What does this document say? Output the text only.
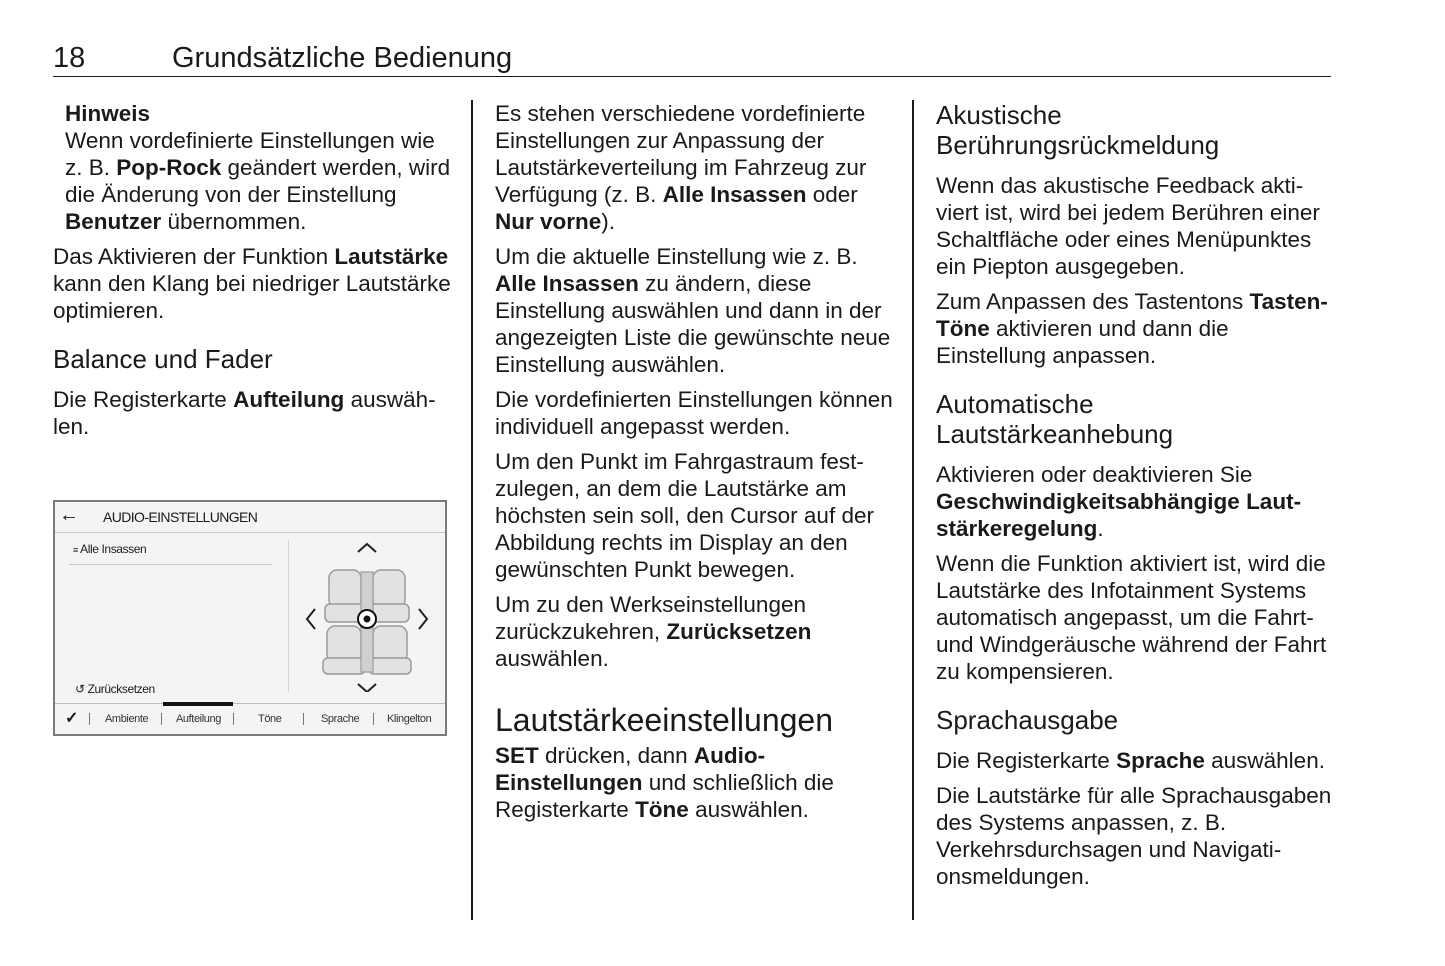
18	Grundsätzliche Bedienung
Hinweis
Wenn vordefinierte Einstellungen wie z. B. Pop-Rock geändert werden, wird die Änderung von der Einstellung Benutzer übernommen.

Das Aktivieren der Funktion Lautstärke kann den Klang bei niedriger Lautstärke optimieren.

Balance und Fader

Die Registerkarte Aufteilung auswählen.

← AUDIO-EINSTELLUNGEN
≡ Alle Insassen
↺ Zurücksetzen
✓ Ambiente	Aufteilung	Töne	Sprache	Klingelton

Es stehen verschiedene vordefinierte Einstellungen zur Anpassung der Lautstärkeverteilung im Fahrzeug zur Verfügung (z. B. Alle Insassen oder Nur vorne).

Um die aktuelle Einstellung wie z. B. Alle Insassen zu ändern, diese Einstellung auswählen und dann in der angezeigten Liste die gewünschte neue Einstellung auswählen.

Die vordefinierten Einstellungen können individuell angepasst werden.

Um den Punkt im Fahrgastraum festzulegen, an dem die Lautstärke am höchsten sein soll, den Cursor auf der Abbildung rechts im Display an den gewünschten Punkt bewegen.

Um zu den Werkseinstellungen zurückzukehren, Zurücksetzen auswählen.

Lautstärkeeinstellungen

SET drücken, dann Audio-Einstellungen und schließlich die Registerkarte Töne auswählen.

Akustische Berührungsrückmeldung

Wenn das akustische Feedback aktiviert ist, wird bei jedem Berühren einer Schaltfläche oder eines Menüpunktes ein Piepton ausgegeben.

Zum Anpassen des Tastentons Tasten-Töne aktivieren und dann die Einstellung anpassen.

Automatische Lautstärkeanhebung

Aktivieren oder deaktivieren Sie Geschwindigkeitsabhängige Lautstärkeregelung.

Wenn die Funktion aktiviert ist, wird die Lautstärke des Infotainment Systems automatisch angepasst, um die Fahrt- und Windgeräusche während der Fahrt zu kompensieren.

Sprachausgabe

Die Registerkarte Sprache auswählen.

Die Lautstärke für alle Sprachausgaben des Systems anpassen, z. B. Verkehrsdurchsagen und Navigationsmeldungen.
